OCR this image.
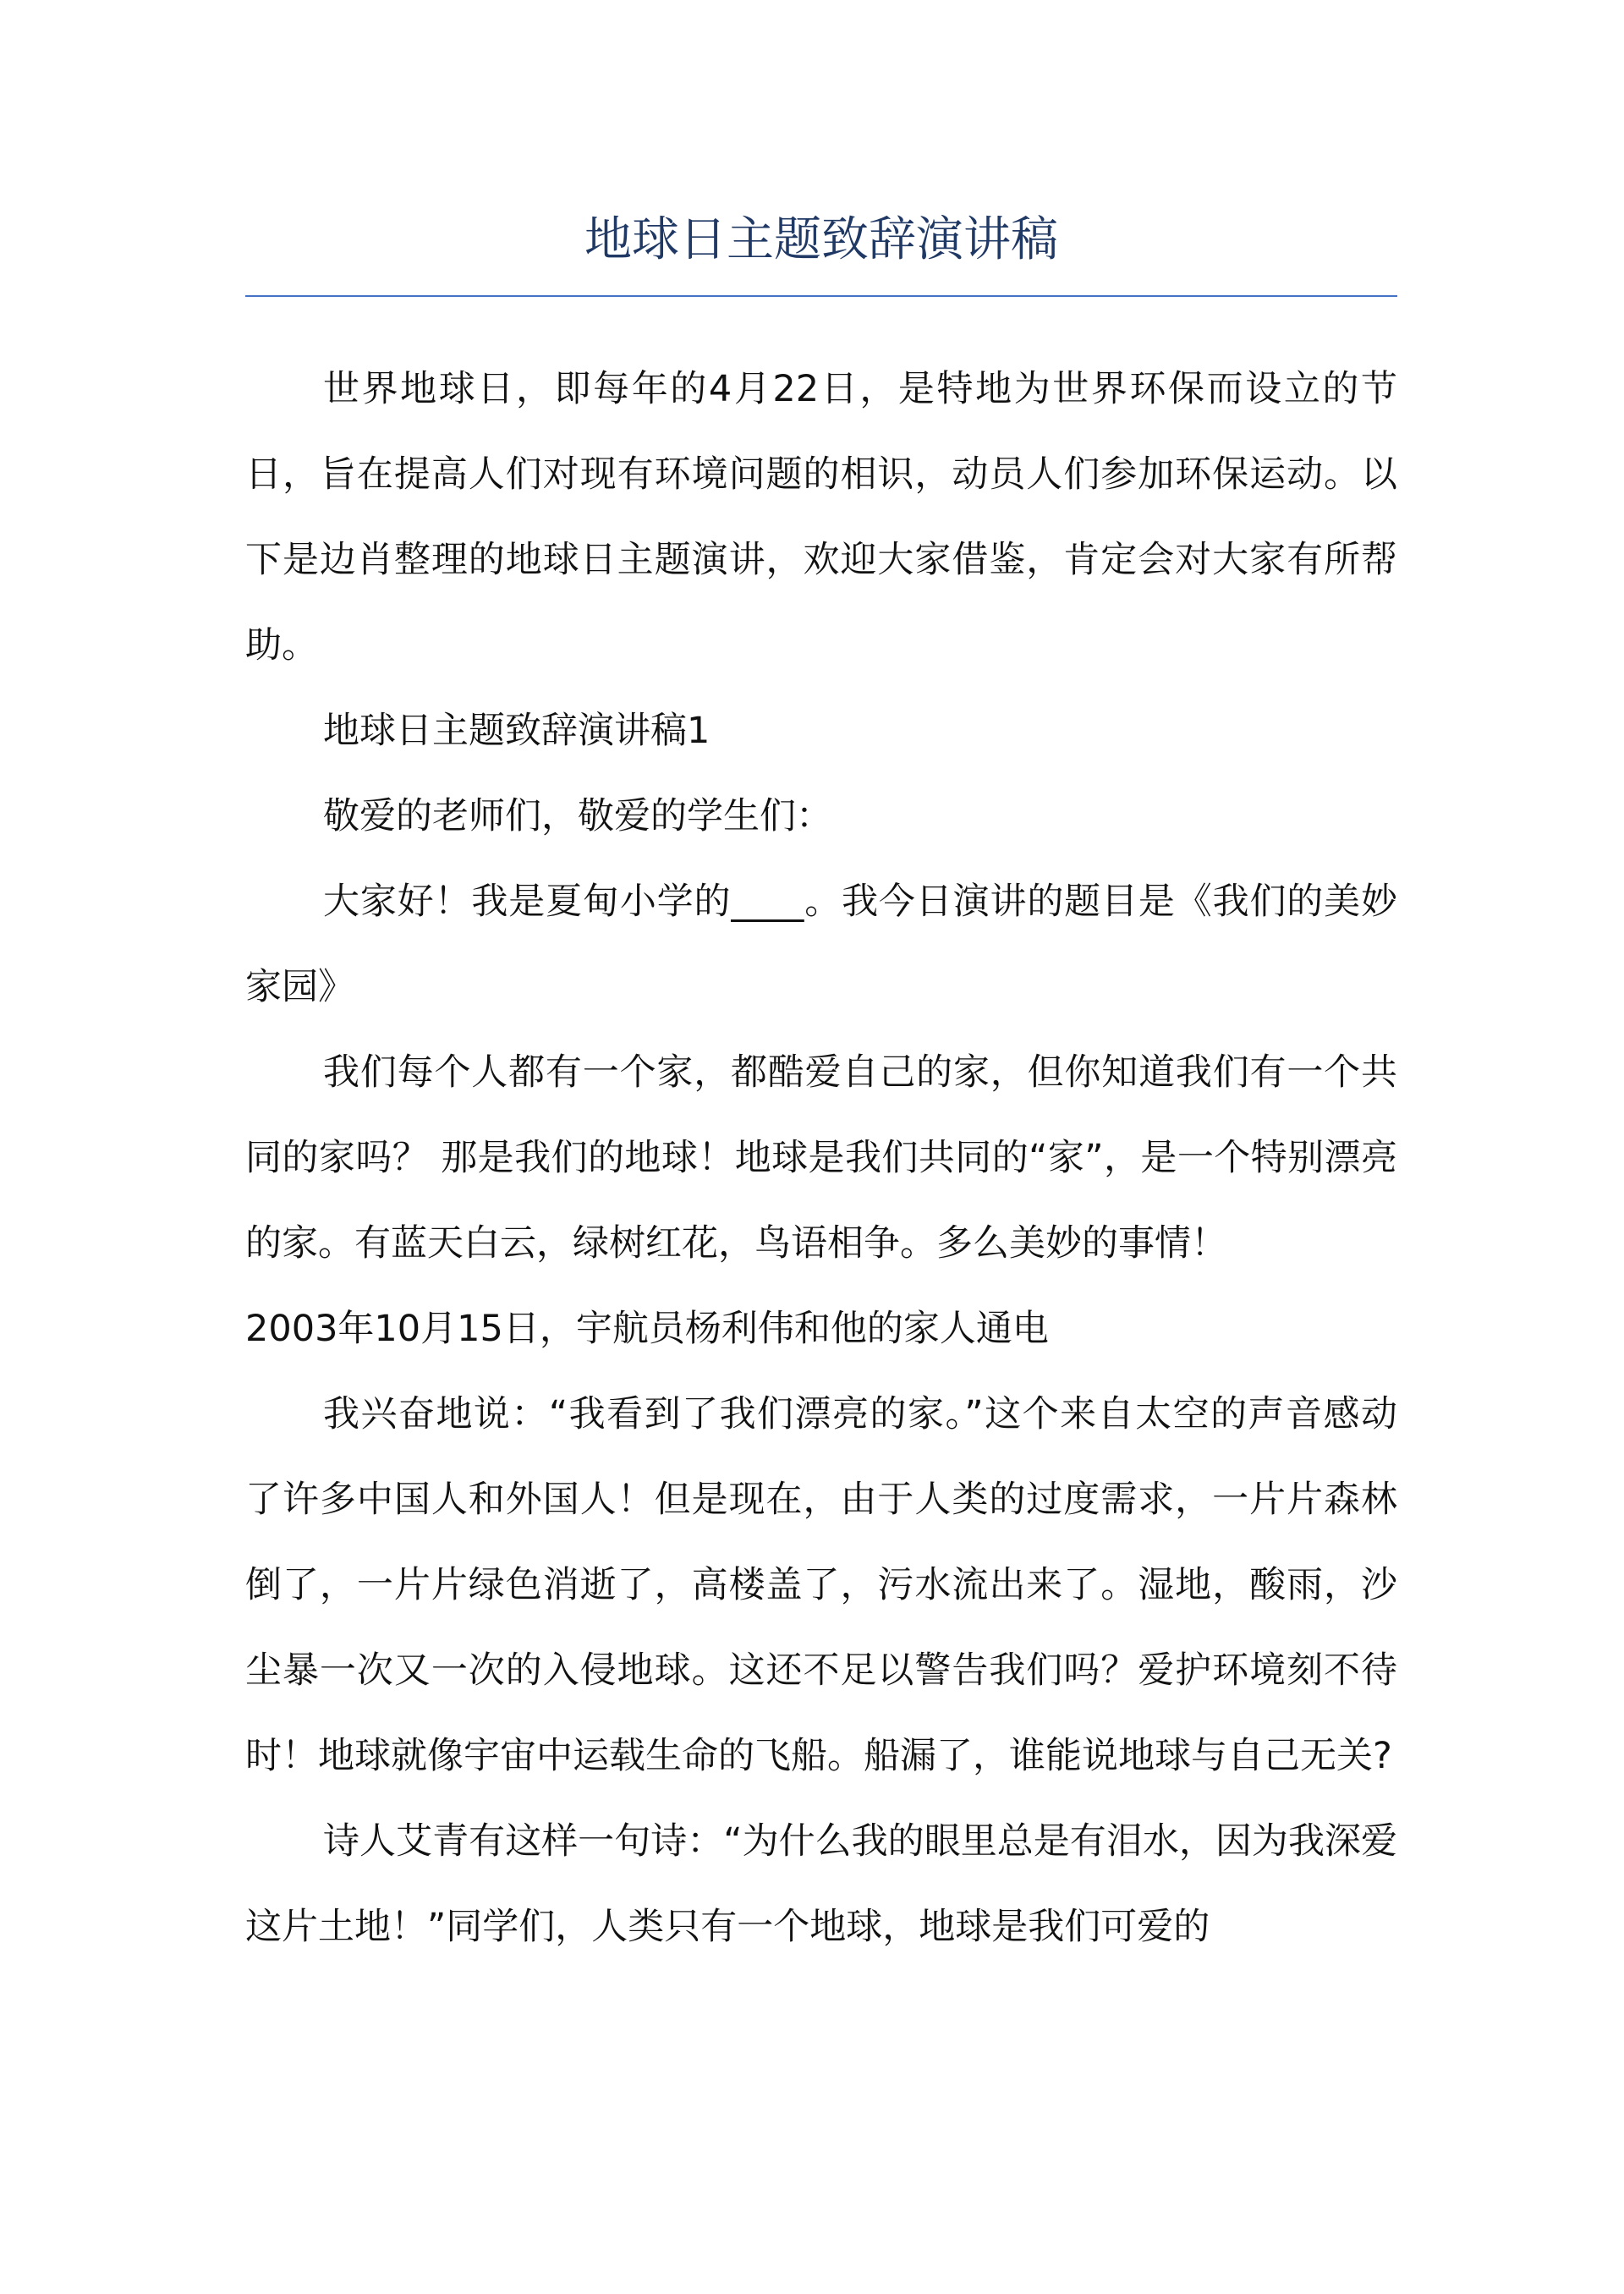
地球日主题致辞演讲稿

世界地球日，即每年的4月22日，是特地为世界环保而设立的节日，旨在提高人们对现有环境问题的相识，动员人们参加环保运动。以下是边肖整理的地球日主题演讲，欢迎大家借鉴，肯定会对大家有所帮助。

地球日主题致辞演讲稿1

敬爱的老师们，敬爱的学生们：

大家好！我是夏甸小学的____。我今日演讲的题目是《我们的美妙家园》

我们每个人都有一个家，都酷爱自己的家，但你知道我们有一个共同的家吗？ 那是我们的地球！地球是我们共同的“家”，是一个特别漂亮的家。有蓝天白云，绿树红花，鸟语相争。多么美妙的事情！

2003年10月15日，宇航员杨利伟和他的家人通电

我兴奋地说：“我看到了我们漂亮的家。”这个来自太空的声音感动了许多中国人和外国人！但是现在，由于人类的过度需求，一片片森林倒了，一片片绿色消逝了，高楼盖了，污水流出来了。湿地，酸雨，沙尘暴一次又一次的入侵地球。这还不足以警告我们吗？爱护环境刻不待时！地球就像宇宙中运载生命的飞船。船漏了，谁能说地球与自己无关?

诗人艾青有这样一句诗：“为什么我的眼里总是有泪水，因为我深爱这片土地！”同学们，人类只有一个地球，地球是我们可爱的
